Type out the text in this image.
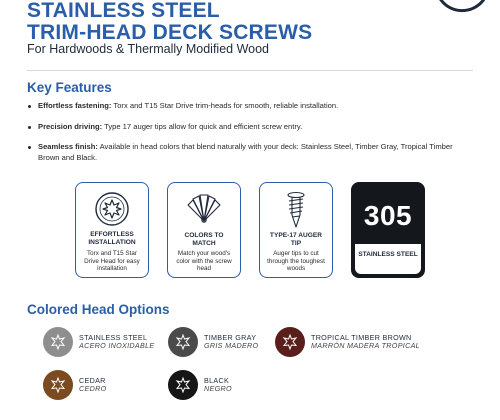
STAINLESS STEEL
TRIM-HEAD DECK SCREWS
For Hardwoods & Thermally Modified Wood
Key Features
Effortless fastening: Torx and T15 Star Drive trim-heads for smooth, reliable installation.
Precision driving: Type 17 auger tips allow for quick and efficient screw entry.
Seamless finish: Available in head colors that blend naturally with your deck: Stainless Steel, Timber Gray, Tropical Timber Brown and Black.
EFFORTLESS INSTALLATION
Torx and T15 Star Drive Head for easy installation
COLORS TO MATCH
Match your wood's color with the screw head
TYPE-17 AUGER TIP
Auger tips to cut through the toughest woods
305
STAINLESS STEEL
Colored Head Options
STAINLESS STEEL
ACERO INOXIDABLE
TIMBER GRAY
GRIS MADERO
TROPICAL TIMBER BROWN
MARRÓN MADERA TROPICAL
CEDAR
CEDRO
BLACK
NEGRO
